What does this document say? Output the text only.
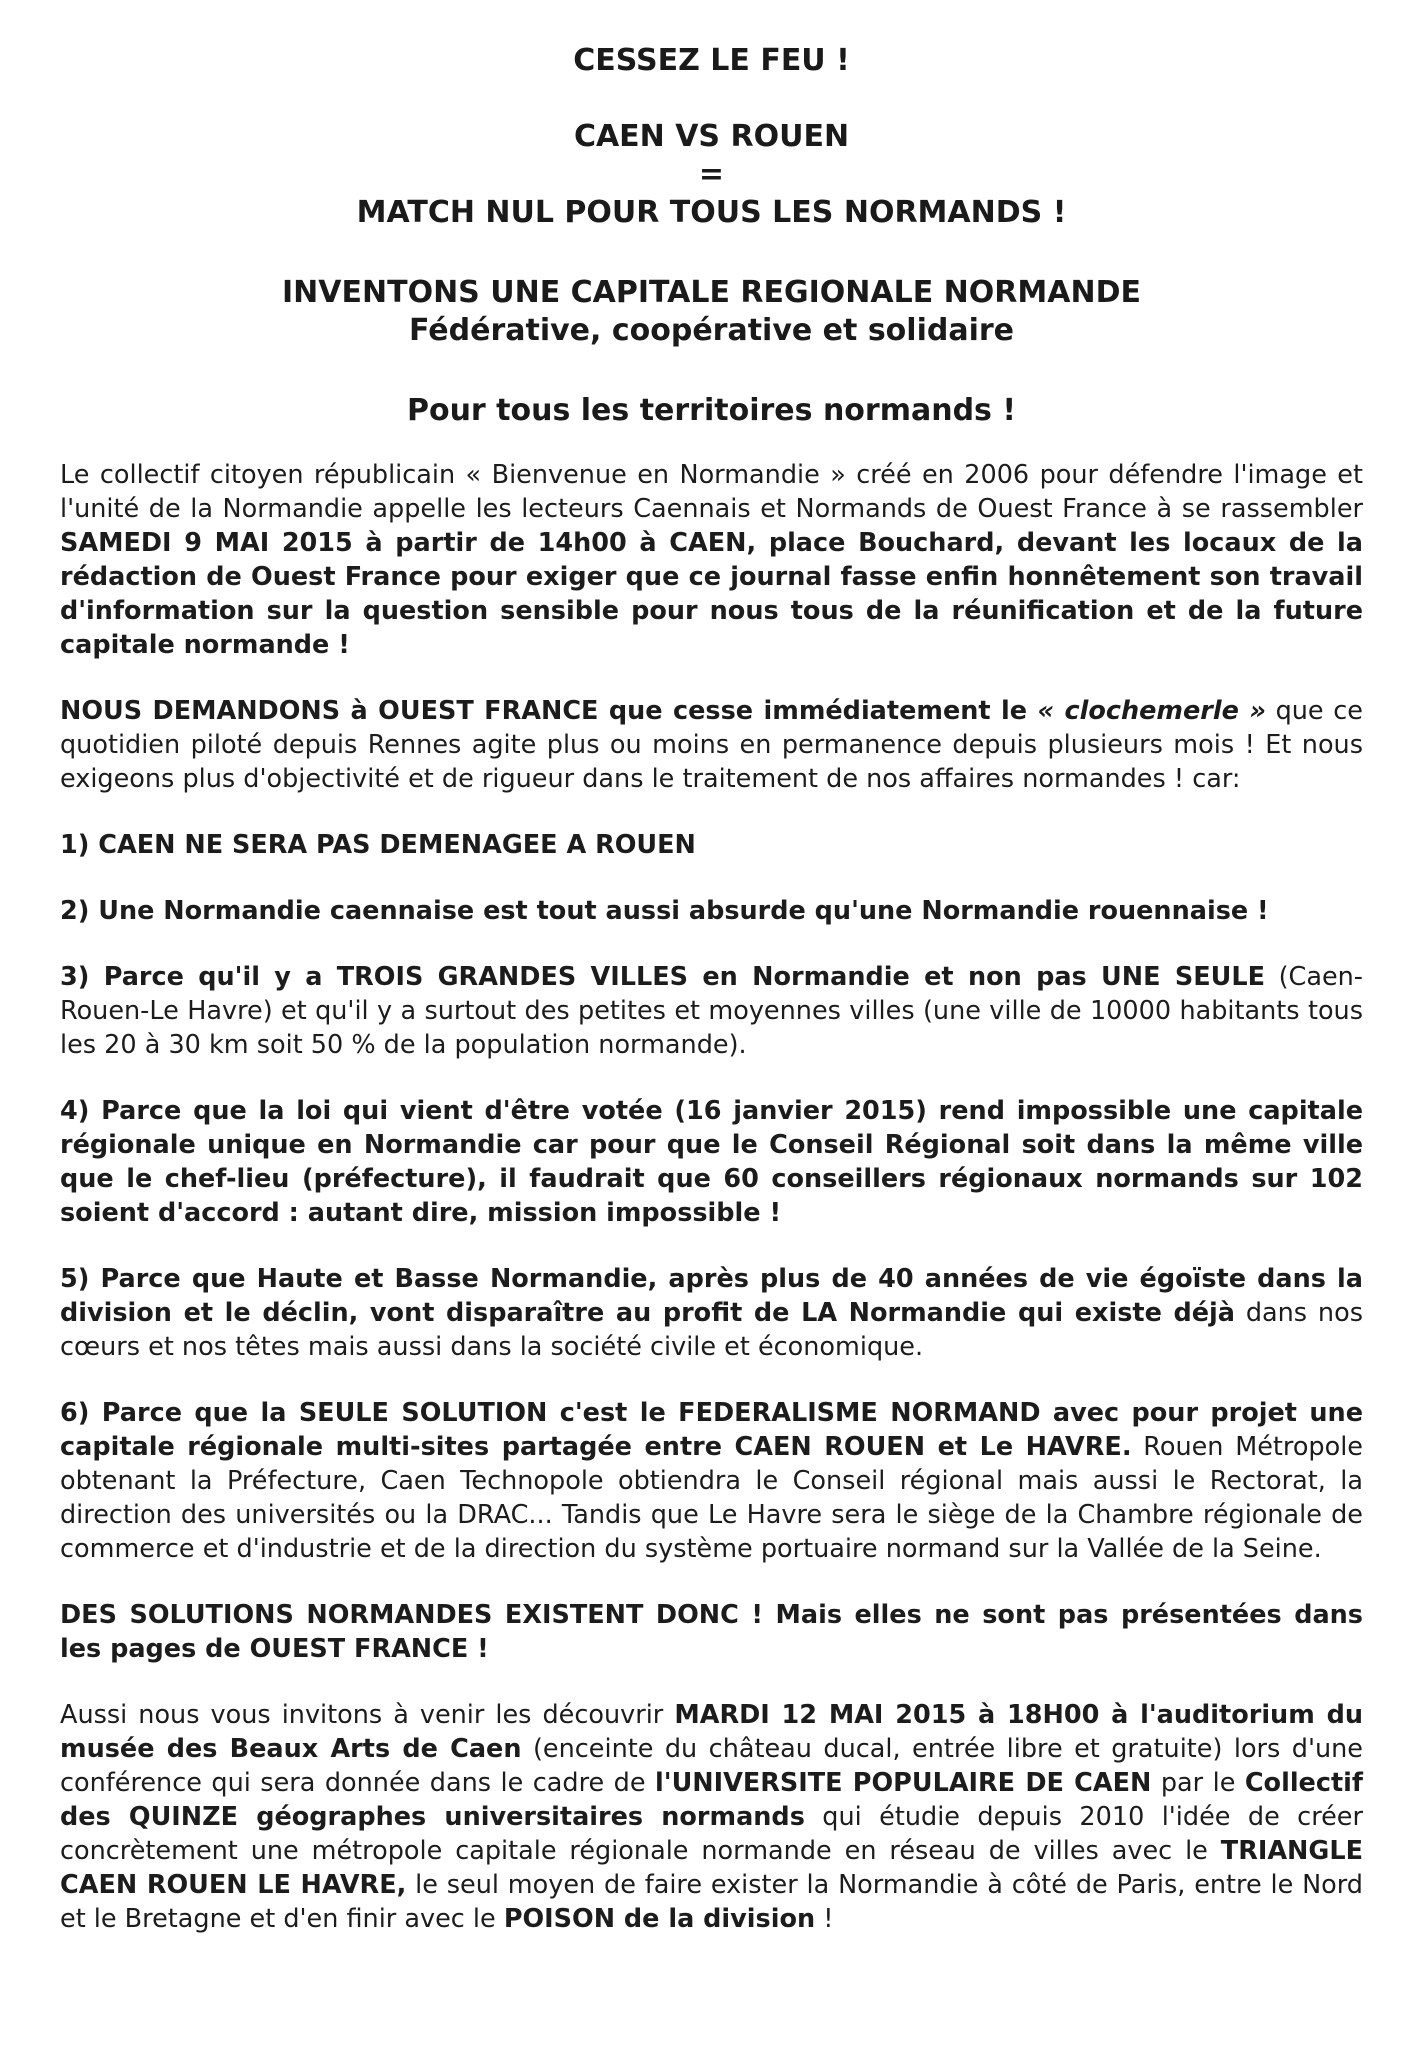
CESSEZ LE FEU !

CAEN VS ROUEN

=

MATCH NUL POUR TOUS LES NORMANDS !

INVENTONS UNE CAPITALE REGIONALE NORMANDE

Fédérative, coopérative et solidaire

Pour tous les territoires normands !

Le collectif citoyen républicain « Bienvenue en Normandie » créé en 2006 pour défendre l'image et l'unité de la Normandie appelle les lecteurs Caennais et Normands de Ouest France à se rassembler SAMEDI 9 MAI 2015 à partir de 14h00 à CAEN, place Bouchard, devant les locaux de la rédaction de Ouest France pour exiger que ce journal fasse enfin honnêtement son travail d'information sur la question sensible pour nous tous de la réunification et de la future capitale normande !

NOUS DEMANDONS à OUEST FRANCE que cesse immédiatement le « clochemerle » que ce quotidien piloté depuis Rennes agite plus ou moins en permanence depuis plusieurs mois ! Et nous exigeons plus d'objectivité et de rigueur dans le traitement de nos affaires normandes ! car:

1) CAEN NE SERA PAS DEMENAGEE A ROUEN

2) Une Normandie caennaise est tout aussi absurde qu'une Normandie rouennaise !

3) Parce qu'il y a TROIS GRANDES VILLES en Normandie et non pas UNE SEULE (Caen-Rouen-Le Havre) et qu'il y a surtout des petites et moyennes villes (une ville de 10000 habitants tous les 20 à 30 km soit 50 % de la population normande).

4) Parce que la loi qui vient d'être votée (16 janvier 2015) rend impossible une capitale régionale unique en Normandie car pour que le Conseil Régional soit dans la même ville que le chef-lieu (préfecture), il faudrait que 60 conseillers régionaux normands sur 102 soient d'accord : autant dire, mission impossible !

5) Parce que Haute et Basse Normandie, après plus de 40 années de vie égoïste dans la division et le déclin, vont disparaître au profit de LA Normandie qui existe déjà dans nos cœurs et nos têtes mais aussi dans la société civile et économique.

6) Parce que la SEULE SOLUTION c'est le FEDERALISME NORMAND avec pour projet une capitale régionale multi-sites partagée entre CAEN ROUEN et Le HAVRE. Rouen Métropole obtenant la Préfecture, Caen Technopole obtiendra le Conseil régional mais aussi le Rectorat, la direction des universités ou la DRAC... Tandis que Le Havre sera le siège de la Chambre régionale de commerce et d'industrie et de la direction du système portuaire normand sur la Vallée de la Seine.

DES SOLUTIONS NORMANDES EXISTENT DONC ! Mais elles ne sont pas présentées dans les pages de OUEST FRANCE !

Aussi nous vous invitons à venir les découvrir MARDI 12 MAI 2015 à 18H00 à l'auditorium du musée des Beaux Arts de Caen (enceinte du château ducal, entrée libre et gratuite) lors d'une conférence qui sera donnée dans le cadre de l'UNIVERSITE POPULAIRE DE CAEN par le Collectif des QUINZE géographes universitaires normands qui étudie depuis 2010 l'idée de créer concrètement une métropole capitale régionale normande en réseau de villes avec le TRIANGLE CAEN ROUEN LE HAVRE, le seul moyen de faire exister la Normandie à côté de Paris, entre le Nord et le Bretagne et d'en finir avec le POISON de la division !
